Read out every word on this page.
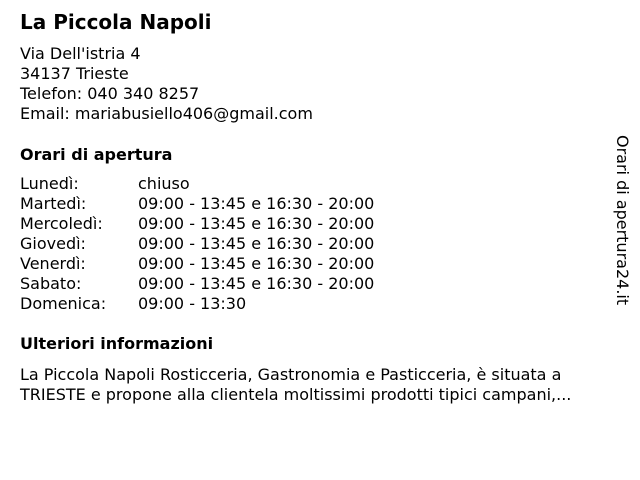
La Piccola Napoli
Via Dell'istria 4
34137 Trieste
Telefon: 040 340 8257
Email: mariabusiello406@gmail.com
Orari di apertura
Lunedì:	chiuso
Martedì:	09:00 - 13:45 e 16:30 - 20:00
Mercoledì: 09:00 - 13:45 e 16:30 - 20:00
Giovedì:	09:00 - 13:45 e 16:30 - 20:00
Venerdì:	09:00 - 13:45 e 16:30 - 20:00
Sabato:	09:00 - 13:45 e 16:30 - 20:00
Domenica: 09:00 - 13:30
Ulteriori informazioni
La Piccola Napoli Rosticceria, Gastronomia e Pasticceria, è situata a TRIESTE e propone alla clientela moltissimi prodotti tipici campani,...
Orari di apertura24.it
